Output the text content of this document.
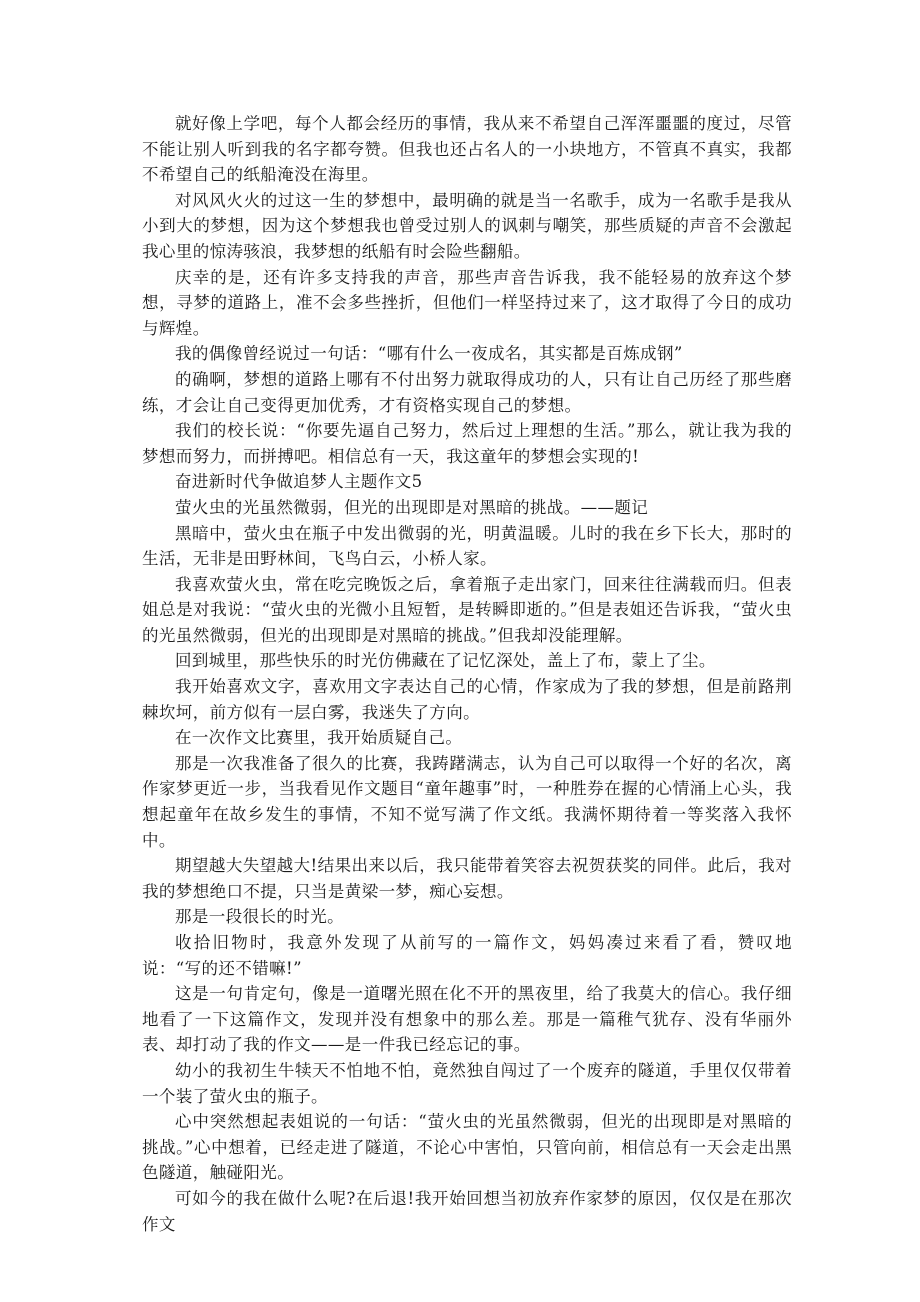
就好像上学吧，每个人都会经历的事情，我从来不希望自己浑浑噩噩的度过，尽管不能让别人听到我的名字都夸赞。但我也还占名人的一小块地方，不管真不真实，我都不希望自己的纸船淹没在海里。

对风风火火的过这一生的梦想中，最明确的就是当一名歌手，成为一名歌手是我从小到大的梦想，因为这个梦想我也曾受过别人的讽刺与嘲笑，那些质疑的声音不会激起我心里的惊涛骇浪，我梦想的纸船有时会险些翻船。

庆幸的是，还有许多支持我的声音，那些声音告诉我，我不能轻易的放弃这个梦想，寻梦的道路上，准不会多些挫折，但他们一样坚持过来了，这才取得了今日的成功与辉煌。

我的偶像曾经说过一句话：“哪有什么一夜成名，其实都是百炼成钢”

的确啊，梦想的道路上哪有不付出努力就取得成功的人，只有让自己历经了那些磨练，才会让自己变得更加优秀，才有资格实现自己的梦想。

我们的校长说：“你要先逼自己努力，然后过上理想的生活。”那么，就让我为我的梦想而努力，而拼搏吧。相信总有一天，我这童年的梦想会实现的!

奋进新时代争做追梦人主题作文5

萤火虫的光虽然微弱，但光的出现即是对黑暗的挑战。——题记

黑暗中，萤火虫在瓶子中发出微弱的光，明黄温暖。儿时的我在乡下长大，那时的生活，无非是田野林间，飞鸟白云，小桥人家。

我喜欢萤火虫，常在吃完晚饭之后，拿着瓶子走出家门，回来往往满载而归。但表姐总是对我说：“萤火虫的光微小且短暂，是转瞬即逝的。”但是表姐还告诉我，“萤火虫的光虽然微弱，但光的出现即是对黑暗的挑战。”但我却没能理解。

回到城里，那些快乐的时光仿佛藏在了记忆深处，盖上了布，蒙上了尘。

我开始喜欢文字，喜欢用文字表达自己的心情，作家成为了我的梦想，但是前路荆棘坎坷，前方似有一层白雾，我迷失了方向。

在一次作文比赛里，我开始质疑自己。

那是一次我准备了很久的比赛，我踌躇满志，认为自己可以取得一个好的名次，离作家梦更近一步，当我看见作文题目“童年趣事”时，一种胜券在握的心情涌上心头，我想起童年在故乡发生的事情，不知不觉写满了作文纸。我满怀期待着一等奖落入我怀中。

期望越大失望越大!结果出来以后，我只能带着笑容去祝贺获奖的同伴。此后，我对我的梦想绝口不提，只当是黄梁一梦，痴心妄想。

那是一段很长的时光。

收拾旧物时，我意外发现了从前写的一篇作文，妈妈凑过来看了看，赞叹地说：“写的还不错嘛!”

这是一句肯定句，像是一道曙光照在化不开的黑夜里，给了我莫大的信心。我仔细地看了一下这篇作文，发现并没有想象中的那么差。那是一篇稚气犹存、没有华丽外表、却打动了我的作文——是一件我已经忘记的事。

幼小的我初生牛犊天不怕地不怕，竟然独自闯过了一个废弃的隧道，手里仅仅带着一个装了萤火虫的瓶子。

心中突然想起表姐说的一句话：“萤火虫的光虽然微弱，但光的出现即是对黑暗的挑战。”心中想着，已经走进了隧道，不论心中害怕，只管向前，相信总有一天会走出黑色隧道，触碰阳光。

可如今的我在做什么呢?在后退!我开始回想当初放弃作家梦的原因，仅仅是在那次作文
